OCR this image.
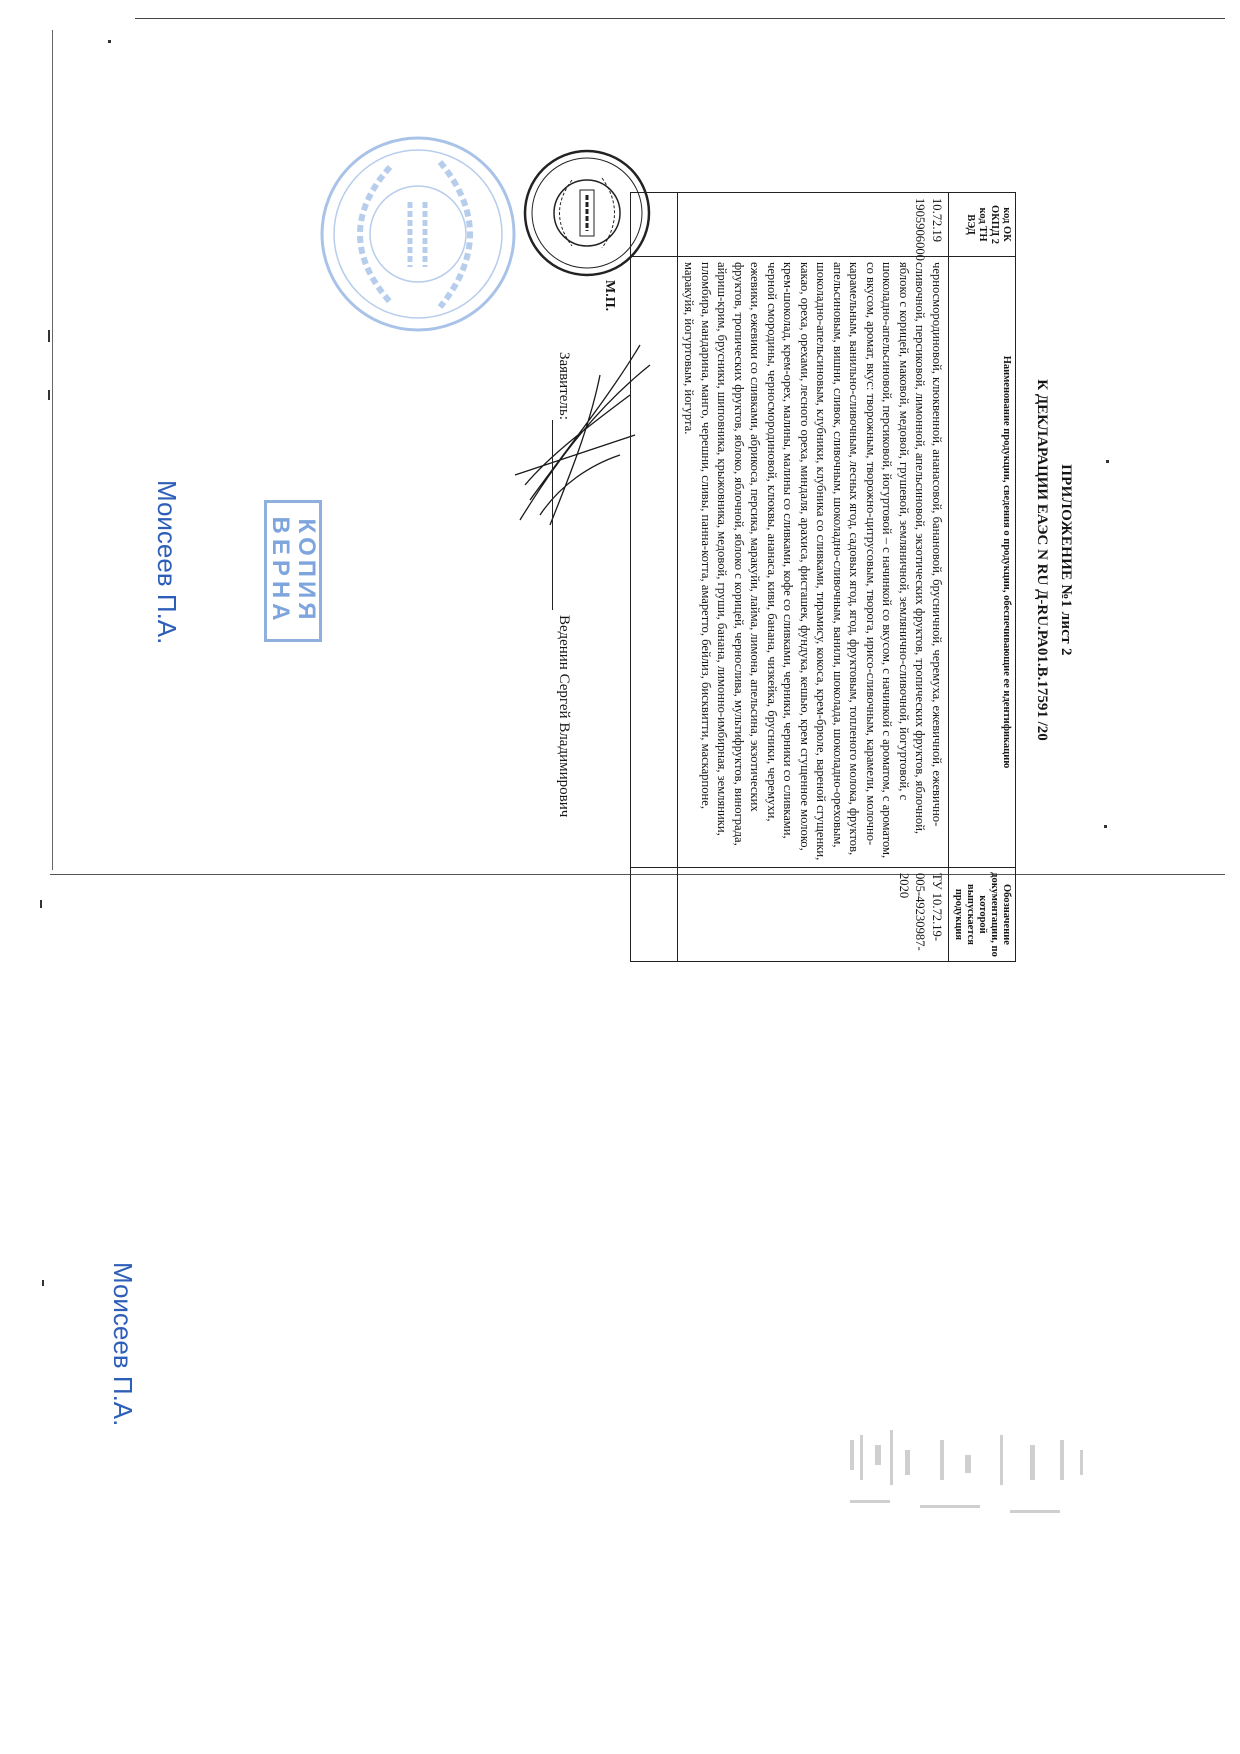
ПРИЛОЖЕНИЕ №1 лист 2
К ДЕКЛАРАЦИИ ЕАЭС N RU Д-RU.РА01.В.17591 /20
код ОК ОКПД 2 код ТН ВЭД	Наименование продукции, сведения о продукции, обеспечивающие ее идентификацию	Обозначение документации, по которой выпускается продукция

10.72.19
1905906000	черносмородиновой, клюквенной, ананасовой, банановой, брусничной, черемуха, ежевичной, ежевично-сливочной, персиковой, лимонной, апельсиновой, экзотических фруктов, тропических фруктов, яблочной, яблоко с корицей, маковой, медовой, грушевой, земляничной, землянично-сливочной, йогуртовой, с шоколадно-апельсиновой, персиковой, йогуртовой – с начинкой со вкусом, с начинкой с ароматом, с ароматом, со вкусом, аромат, вкус: творожным, творожно-цитрусовым, творога, ирисо-сливочным, карамели, молочно-карамельным, ванильно-сливочным, лесных ягод, садовых ягод, ягод, фруктовым, топленого молока, фруктов, апельсиновым, вишни, сливок, сливочным, шоколадно-сливочным, ванили, шоколада, шоколадно-ореховым, шоколадно-апельсиновым, клубники, клубника со сливками, тирамису, кокоса, крем-брюле, вареной сгущенки, какао, ореха, орехами, лесного ореха, миндаля, арахиса, фисташек, фундука, кешью, крем сгущенное молоко, крем-шоколад, крем-орех, малины, малины со сливками, кофе со сливками, черники, черники со сливками, черной смородины, черносмородиновой, клюквы, ананаса, киви, банана, чизкейка, брусники, черемухи, ежевики, ежевики со сливками, абрикоса, персика, маракуйи, лайма, лимона, апельсина, экзотических фруктов, тропических фруктов, яблоко, яблочной, яблоко с корицей, чернослива, мультифруктов, винограда, айриш-крим, брусники, шиповника, крыжовника, медовой, груши, банана, лимонно-имбирная, земляники, пломбира, мандарина, манго, черешни, сливы, панна-котта, амаретто, бейлиз, бисквитти, маскарпоне, маракуйя, йогуртовым, йогурта.	ТУ 10.72.19-005-49230987-2020

М.П.
Заявитель:
Веденин Сергей Владимирович
КОПИЯ
ВЕРНА
Моисеев П.А.
Моисеев П.А.
